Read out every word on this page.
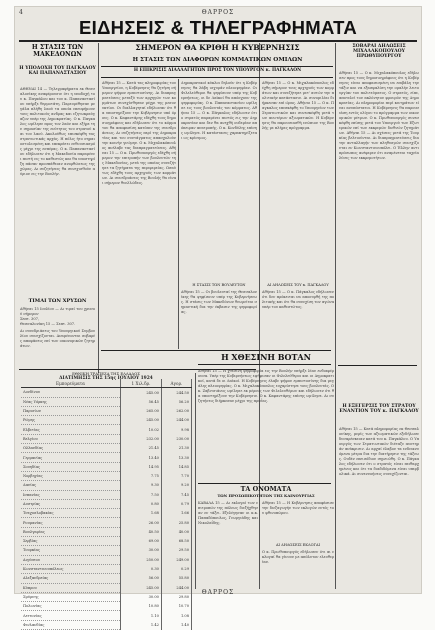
4	ΘΑΡΡΟΣ
ΕΙΔΗΣΕΙΣ & ΤΗΛΕΓΡΑΦΗΜΑΤΑ
Η ΣΤΑΣΙΣ ΤΩΝ ΜΑΚΕΔΟΝΩΝ
Η ΥΠΟΔΟΧΗ ΤΟΥ ΠΑΓΚΑΛΟΥ ΚΑΙ ΠΑΠΑΝΑΣΤΑΣΙΟΥ
ΑΘΗΝΑΙ 14 — Τηλεγραφήματα εκ Θεσσαλονίκης αναφέρουσιν ότι η υποδοχή του κ. Παγκάλου και του κ. Παπαναστασίου υπήρξε θερμοτάτη. Παρευρέθησαν μεγάλα πλήθη λαού τα οποία επευφήμουν τους πολιτικούς ανδρας και εζητωκραύγαζον υπέρ της Δημοκρατίας. Ο κ. Παγκαλος ωμίλησε προς τον λαόν και εξήρε την σημασίαν της ενότητος του στρατού και του λαού. Ακολούθως επισκέφθη τας στρατιωτικάς αρχάς. Η πόλις ήτο σημαιοστολισμένη και επεκράτει ενθουσιασμός μέχρι της εσπέρας. Ο κ. Παπαναστασίου εδήλωσεν ότι η Μακεδονία παραμένει πιστή εις το καθεστώς και θα υποστηρίξη πάσαν προσπάθειαν ανορθώσεως της χώρας. Αι συζητήσεις θα συνεχισθούν αύριον εις την Βουλήν.
ΤΙΜΑΙ ΤΩΝ ΧΡΥΣΩΝ
Αθήναι 15 Ιουλίου — Αι τιμαί του χρυσού σήμερον
Σεπτ. 307,
Θεσσαλονίκη 15 — Σεπτ. 307.
Αι συνεδριάσεις του Υπουργικού Συμβουλίου συνεχίζονται. Αναμένονται σοβαρές αποφάσεις επί των οικονομικών ζητημάτων.
ΕΘΝΙΚΗ ΤΡΑΠΕΖΑ ΤΗΣ ΕΛΛΑΔΟΣ
ΔΙΑΤΙΜΗΣΙΣ ΤΗΣ 15ης ΙΟΥΛΙΟΥ 1924
Εμπορεύματα	1 Χιλ.δρ.	Αγορ.
Λονδίνου	245.00	244.50
Νέας Υόρκης	56.45	56.20
Παρισίων	265.00	262.00
Ρώμης	245.00	244.00
Ελβετίας	10.02	9.98
Βελγίου	232.00	230.00
Ολλανδίας	21.45	21.30
Γερμανίας	13.40	13.30
Σουηδίας	14.95	14.85
Νορβηγίας	7.75	7.70
Δανίας	9.30	9.20
Ισπανίας	7.50	7.45
Αυστρίας	0.80	0.79
Τσεχοσλοβακίας	1.68	1.66
Ρουμανίας	26.00	25.80
Βουλγαρίας	40.50	40.00
Σερβίας	69.00	68.50
Τουρκίας	30.00	29.50
Αιγύπτου	250.00	249.00
Κωνσταντινουπόλεως	0.30	0.29
Αλεξανδρείας	56.00	55.80
Κύπρου	245.00	244.00
Σμύρνης	30.00	29.80
Πολωνίας	10.80	10.70
Λεττονίας	1.10	1.08
Φινλανδίας	1.42	1.40
ΣΗΜΕΡΟΝ ΘΑ ΚΡΙΘΗ Η ΚΥΒΕΡΝΗΣΙΣ
Η ΣΤΑΣΙΣ ΤΩΝ ΔΙΑΦΟΡΩΝ ΚΟΜΜΑΤΙΚΩΝ ΟΜΙΛΩΝ
Η ΕΠΙΚΡΙΣΙΣ ΔΙΑΛΛΑΓΗΤΩΝ ΠΡΟΣ ΤΟΝ ΥΠΟΥΡΓΟΝ κ. ΠΑΓΚΑΛΟΝ
Αθήναι 15 — Κατά τας πληροφορίας του Υπουργείου, η Κυβέρνησις θα ζητήση σήμερον ψήφον εμπιστοσύνης. Αι διαπραγματεύσεις μεταξύ των αρχηγών των κομμάτων συνεχίσθησαν μέχρι της μεσονυκτίου. Οι διαλλαγηταί εδήλωσαν ότι θα υποστηρίξουν την Κυβέρνησιν υπό όρους. Ο κ. Καφαντάρης εδέχθη τους δημοσιογράφους και εδήλωσεν ότι το κόμμα του θα αποφασίση κατόπιν της συνεδριάσεως. Αι συζητήσεις περί της Δημοκρατίας και του συντάγματος απασχολούν την κοινήν γνώμην. Ο κ. Μιχαλακόπουλος ανέλαβε τας διαπραγματεύσεις. Αθήναι 15 — Ο κ. Πρωθυπουργός εδέχθη σήμερον την επιτροπήν των βουλευτών της Μακεδονίας, μετά της οποίας συνεζήτησε τα ζητήματα της περιφερείας. Ωσαύτως εδέχθη τους αρχηγούς των κομμάτων. Αι συνεδριάσεις της Βουλής θα είναι σήμερον θυελλώδεις.
Δημοκρατικοί κύκλοι δηλούν ότι η Κυβέρνησις θα λάβη ισχυράν πλειοψηφίαν. Οι Φιλελεύθεροι θα ψηφίσουν υπέρ της Κυβερνήσεως, οι δε Λαϊκοί θα απόσχουν της ψηφοφορίας. Ο κ. Παπαναστασίου ωμίλησε εις τους βουλευτάς του κόμματος. Αθήναι 15 — Ο κ. Πάγκαλος εδήλωσεν ότι ο στρατός παραμένει πιστός εις την Δημοκρατίαν και δεν θα ανεχθή ουδεμίαν απόπειραν ανατροπής. Ο κ. Κονδύλης επίσης ωμίλησε. Η κατάστασις χαρακτηρίζεται ως κρίσιμος.
Η ΣΤΑΣΙΣ ΤΩΝ ΒΟΥΛΕΥΤΩΝ
Αθήναι 15 — Οι βουλευταί της Θεσσαλονίκης θα ψηφίσουν υπέρ της Κυβερνήσεως. Η στάσις των Μακεδόνων θεωρείται σημαντική δια την έκβασιν της ψηφοφορίας.
Αθήναι 15 — Ο κ. Μιχαλακόπουλος εδέχθη σήμερον τους αρχηγούς των κομμάτων και συνεζήτησε μετ' αυτών την πολιτικήν κατάστασιν. Αι συνομιλίαι διήρκεσαν επί ώρας. Αθήναι 15 — Ο κ. Παγκαλος επεσκέφθη το Υπουργείον των Στρατιωτικών και συνεσκέφθη μετά των ανωτέρων αξιωματικών. Η Κυβέρνησις θα παρουσιασθή ενώπιον της Βουλής με πλήρες πρόγραμμα.
ΑΙ ΔΗΛΩΣΕΙΣ ΤΟΥ κ. ΠΑΓΚΑΛΟΥ
Αθήναι 15 — Ο κ. Πάγκαλος εδήλωσεν ότι δεν πρόκειται να αποσυρθή της πολιτικής και ότι θα συνεχίση τον αγώνα υπέρ του καθεστώτος.
Η ΧΘΕΣΙΝΗ ΒΟΤΑΝ
Αθήναι 15 — Η χθεσινή ψηφοφορία εις την Βουλήν υπήρξε λίαν ενδιαφέρουσα. Υπέρ της Κυβερνήσεως εψήφισαν οι Φιλελεύθεροι και οι Δημοκρατικοί, κατά δε οι Λαϊκοί. Η Κυβέρνησις έλαβε ψήφον εμπιστοσύνης δια μεγάλης πλειοψηφίας. Ο κ. Μιχαλακόπουλος ευχαρίστησε τους βουλευτάς. Ο κ. Ζαβιτσιάνος ωμίλησε εκ μέρους των Φιλελευθέρων και εδήλωσεν ότι θα υποστηρίξουν την Κυβέρνησιν. Ο κ. Καφαντάρης επίσης ωμίλησε. Αι συζητήσεις διήρκεσαν μέχρι της πρωΐας.
ΤΑ ΟΝΟΜΑΤΑ
ΤΩΝ ΠΡΟΣΩΠΙΚΟΤΗΤΩΝ ΤΗΣ ΚΑΙΝΟΥΡΓΙΑΣ
ΚΑΒΑΛΑ 15 — Αι εκλογαί των επιτροπών της πόλεως διεξήχθησαν εν τάξει. Εξελέγησαν οι κ.κ. Παπαδόπουλος, Γεωργιάδης και Νικολαΐδης.
ΑΙ ΔΗΛΩΣΕΙΣ ΕΚΛΟΓΑΙ
Αθήναι 15 — Η Κυβέρνησις αποφάσισε την διεξαγωγήν των εκλογών εντός του φθινοπώρου.
Ο κ. Πρωθυπουργός εδήλωσεν ότι αι εκλογαί θα γίνουν με απόλυτον ελευθερίαν.
ΣΟΒΑΡΑΙ ΔΗΛΩΣΕΙΣ ΜΙΧΑΛΑΚΟΠΟΥΛΟΥ ΠΡΩΘΥΠΟΥΡΓΟΥ
Αθήναι 15 — Ο κ. Μιχαλακόπουλος εδήλωσεν προς τους δημοσιογράφους ότι η Κυβέρνησις είναι αποφασισμένη να επιβάλη την τάξιν και να εξασφαλίση την ομαλήν λειτουργίαν του πολιτεύματος. Ο στρατός, είπε, αποτελεί τον ακλόνητον φρουρόν της Δημοκρατίας. Αι πληροφορίαι περί κινημάτων είναι ανυπόστατοι. Η Κυβέρνησις θα παρουσιάση εντός ολίγου το πρόγραμμα των οικονομικών μέτρων. Ο κ. Πρωθυπουργός συνεσκέφθη επίσης μετά του Υπουργού των Εξωτερικών επί των εκκρεμών διεθνών ζητημάτων. Αθήναι 15 — Αι σχέσεις μετά της Τουρκίας βελτιούνται. Αι διαπραγματεύσεις δια την ανταλλαγήν των πληθυσμών συνεχίζονται εν Κωνσταντινουπόλει. Ο Έλλην αντιπρόσωπος ανέφερεν ότι αναμένεται ταχεία λύσις των εκκρεμοτήτων.
Η ΕΞΕΓΕΡΣΙΣ ΤΟΥ ΣΤΡΑΤΟΥ ΕΝΑΝΤΙΟΝ ΤΟΥ κ. ΠΑΓΚΑΛΟΥ
Αθήναι 15 — Κατά πληροφορίας εκ Θεσσαλονίκης, μερίς των αξιωματικών εξεδήλωσε δυσαρέσκειαν κατά του κ. Παγκάλου. Ο Υπουργός των Στρατιωτικών διέταξε αυστηράν ανάκρισιν. Αι αρχαί έλαβον τα ενδεικνυόμενα μέτρα δια την διατήρησιν της τάξεως. Ουδέν επεισόδιον σημειώθη. Ο κ. Πάγκαλος εδήλωσεν ότι ο στρατός είναι πειθαρχημένος και ότι τα διαδιδόμενα είναι υπερβολικά. Αι συνεννοήσεις συνεχίζονται.
ΘΑΡΡΟΣ
